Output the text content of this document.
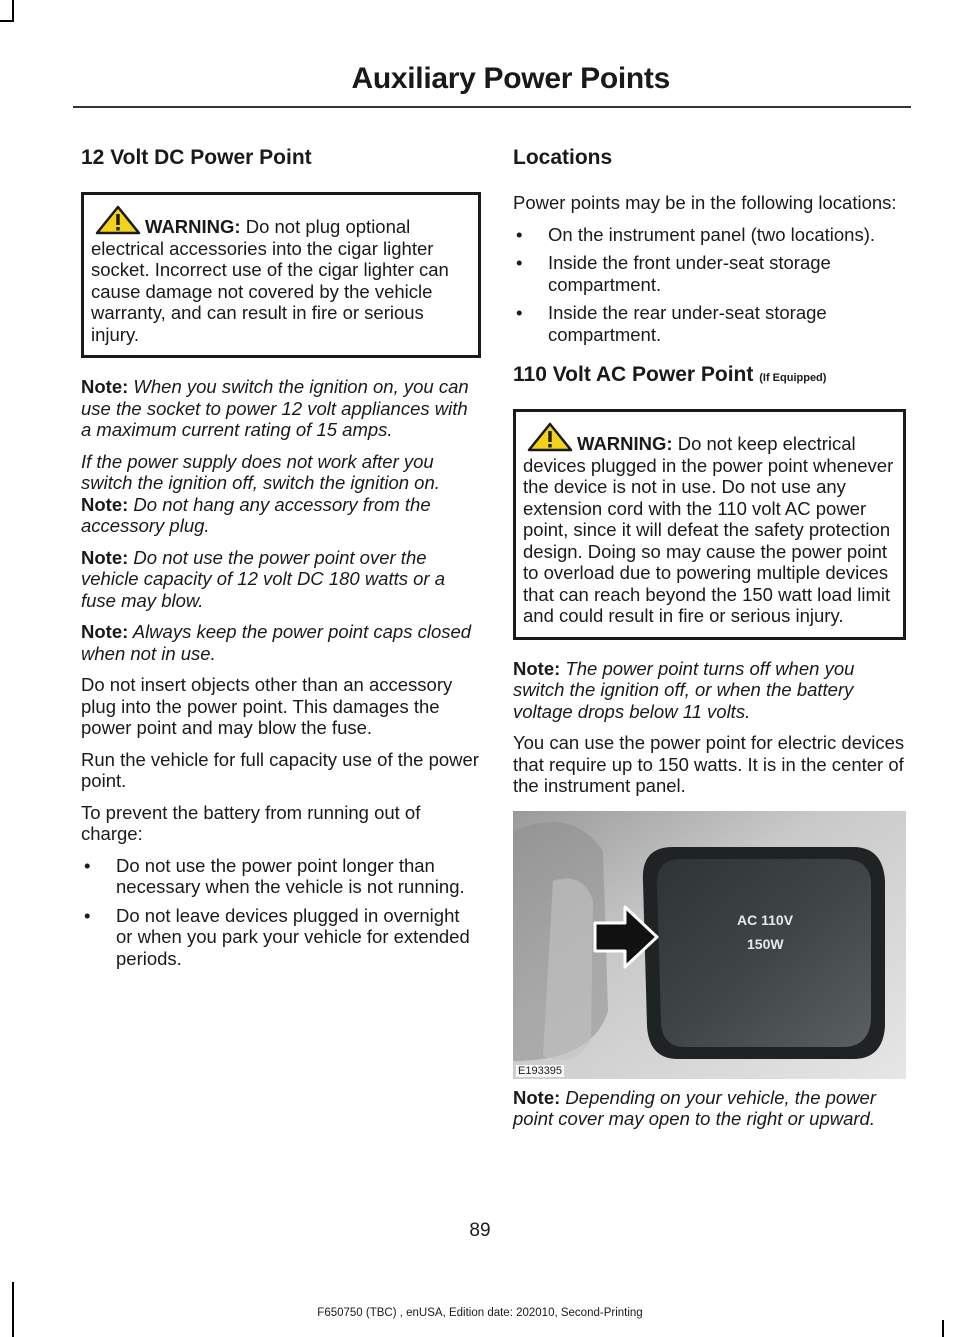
Auxiliary Power Points
12 Volt DC Power Point
WARNING: Do not plug optional electrical accessories into the cigar lighter socket. Incorrect use of the cigar lighter can cause damage not covered by the vehicle warranty, and can result in fire or serious injury.

Note: When you switch the ignition on, you can use the socket to power 12 volt appliances with a maximum current rating of 15 amps.

If the power supply does not work after you switch the ignition off, switch the ignition on.

Note: Do not hang any accessory from the accessory plug.

Note: Do not use the power point over the vehicle capacity of 12 volt DC 180 watts or a fuse may blow.

Note: Always keep the power point caps closed when not in use.

Do not insert objects other than an accessory plug into the power point. This damages the power point and may blow the fuse.

Run the vehicle for full capacity use of the power point.

To prevent the battery from running out of charge:

• Do not use the power point longer than necessary when the vehicle is not running.
• Do not leave devices plugged in overnight or when you park your vehicle for extended periods.
Locations

Power points may be in the following locations:

• On the instrument panel (two locations).
• Inside the front under-seat storage compartment.
• Inside the rear under-seat storage compartment.
110 Volt AC Power Point (If Equipped)
WARNING: Do not keep electrical devices plugged in the power point whenever the device is not in use. Do not use any extension cord with the 110 volt AC power point, since it will defeat the safety protection design. Doing so may cause the power point to overload due to powering multiple devices that can reach beyond the 150 watt load limit and could result in fire or serious injury.

Note: The power point turns off when you switch the ignition off, or when the battery voltage drops below 11 volts.

You can use the power point for electric devices that require up to 150 watts. It is in the center of the instrument panel.

AC 110V
150W
E193395

Note: Depending on your vehicle, the power point cover may open to the right or upward.

89

F650750 (TBC) , enUSA, Edition date: 202010, Second-Printing
